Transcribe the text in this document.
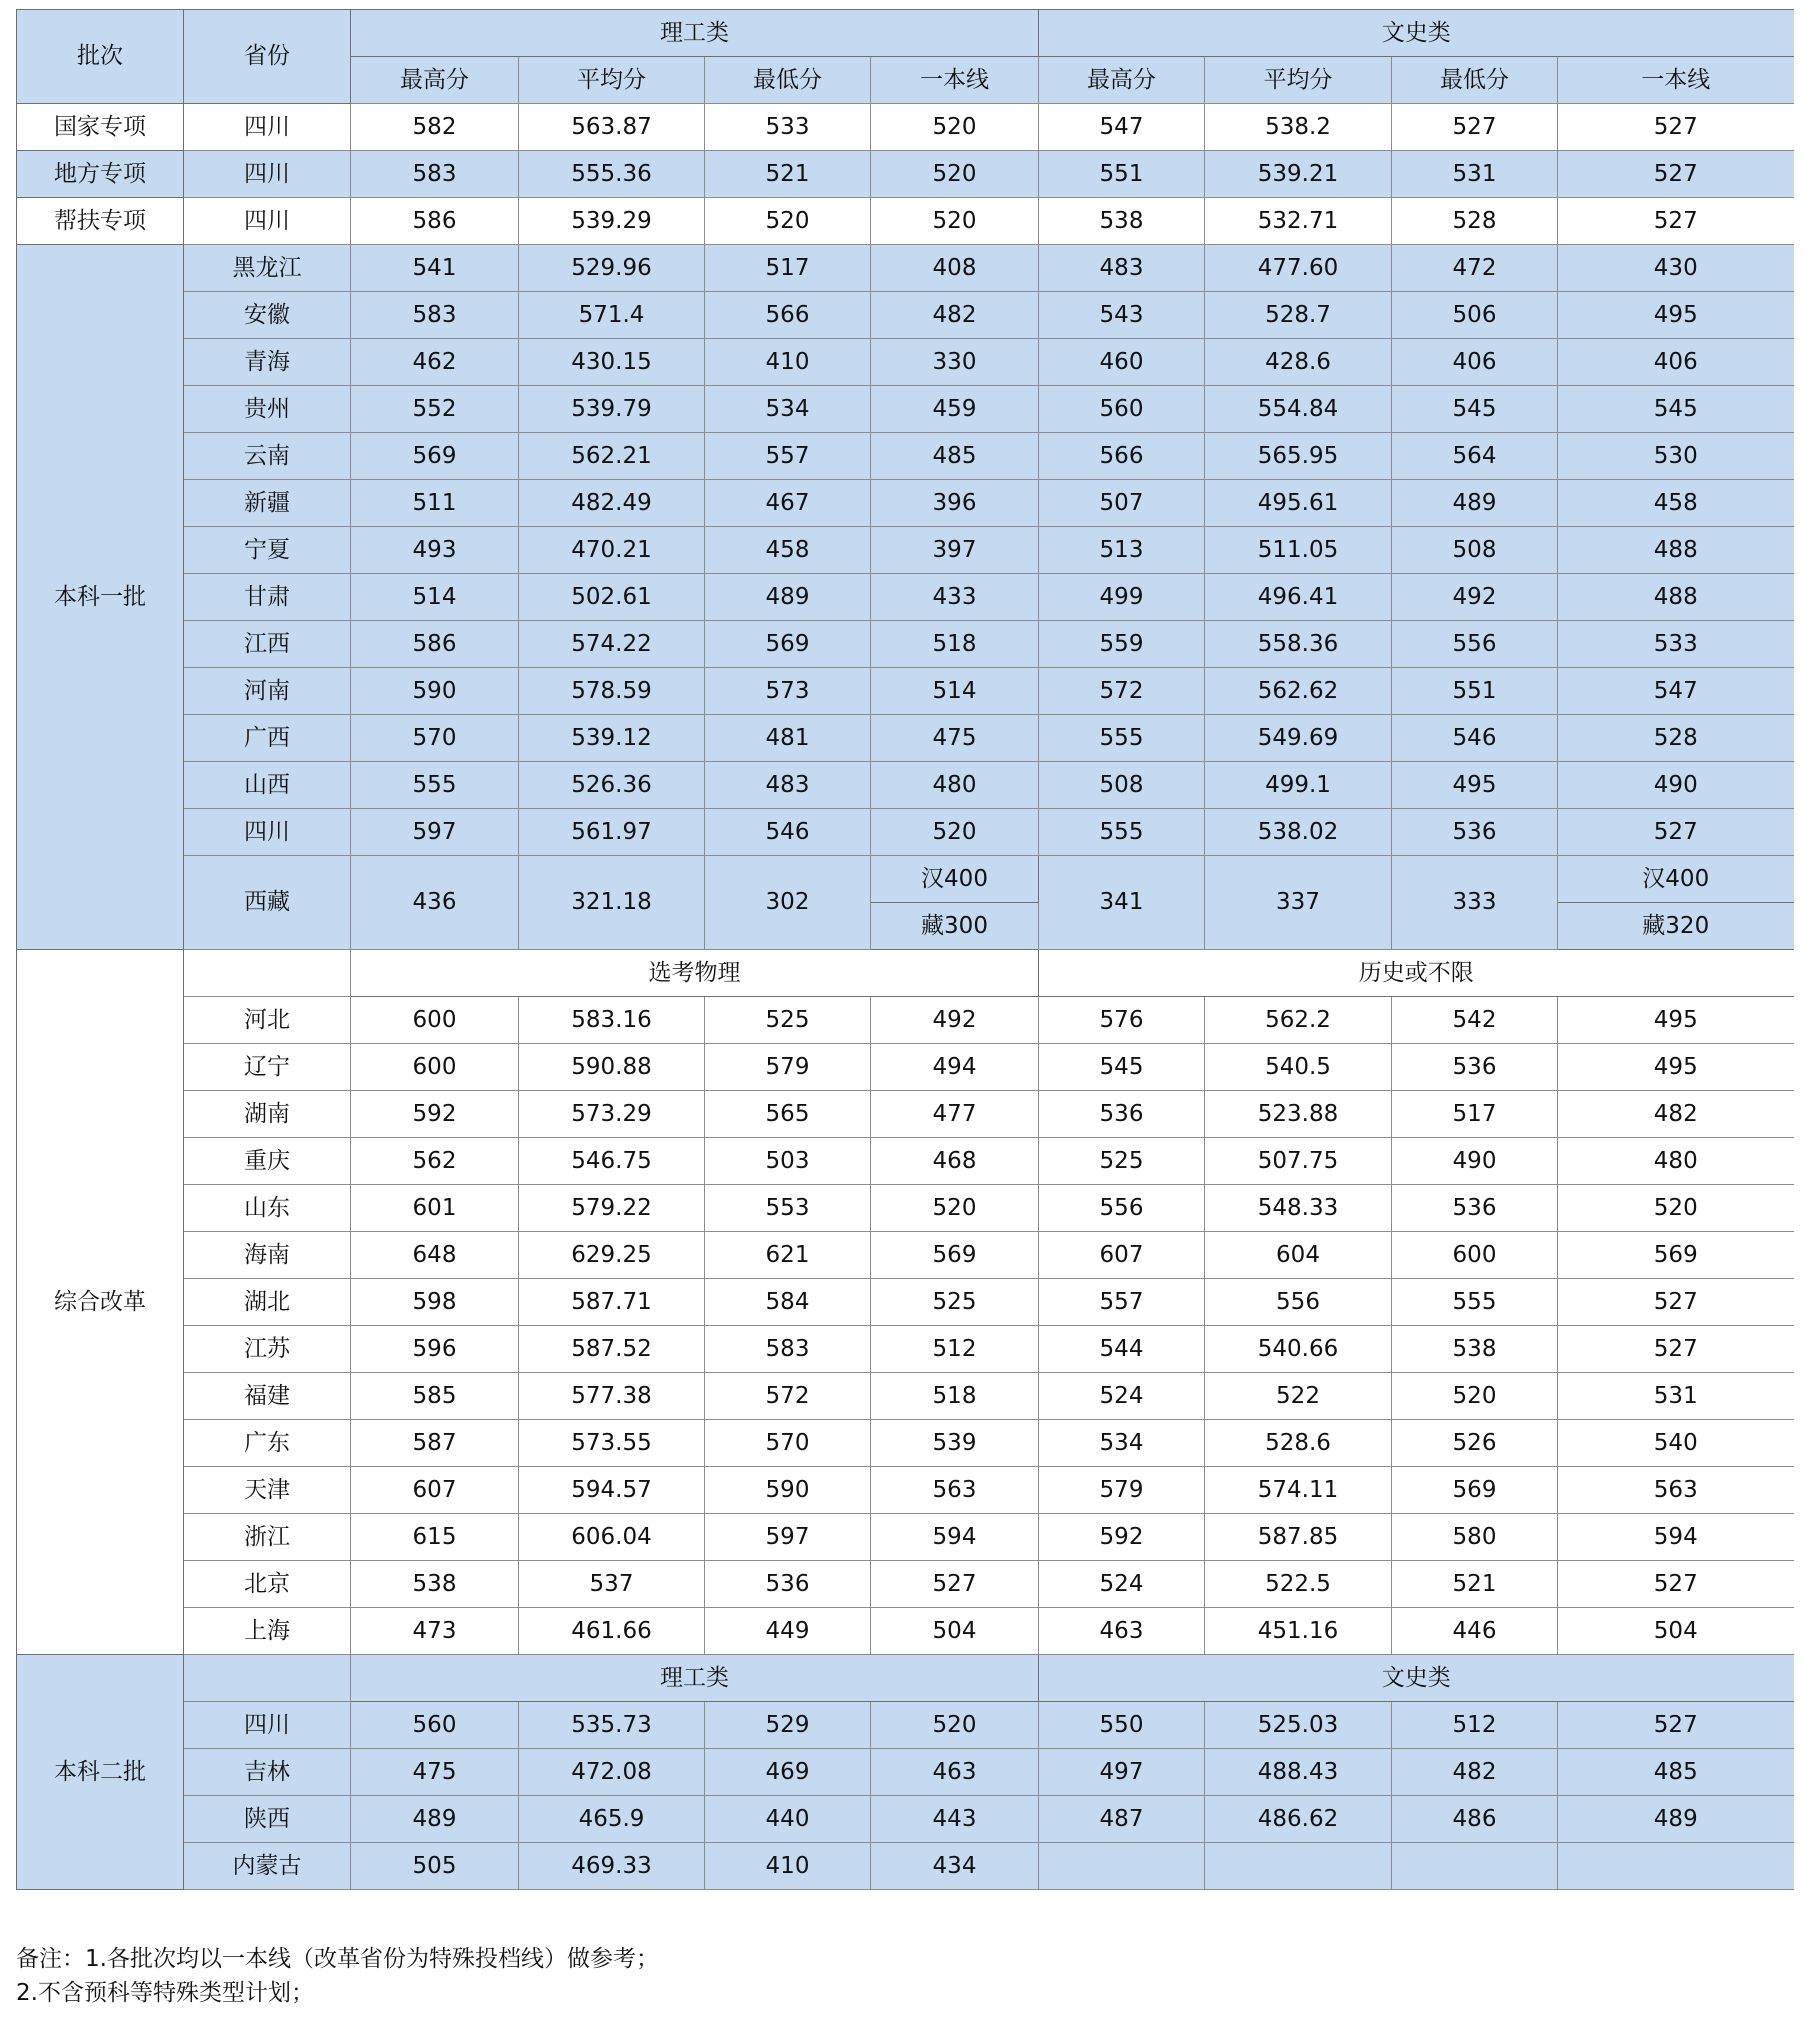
批次	省份	理工类				文史类			
		最高分	平均分	最低分	一本线	最高分	平均分	最低分	一本线
国家专项	四川	582	563.87	533	520	547	538.2	527	527
地方专项	四川	583	555.36	521	520	551	539.21	531	527
帮扶专项	四川	586	539.29	520	520	538	532.71	528	527
本科一批	黑龙江	541	529.96	517	408	483	477.60	472	430
	安徽	583	571.4	566	482	543	528.7	506	495
	青海	462	430.15	410	330	460	428.6	406	406
	贵州	552	539.79	534	459	560	554.84	545	545
	云南	569	562.21	557	485	566	565.95	564	530
	新疆	511	482.49	467	396	507	495.61	489	458
	宁夏	493	470.21	458	397	513	511.05	508	488
	甘肃	514	502.61	489	433	499	496.41	492	488
	江西	586	574.22	569	518	559	558.36	556	533
	河南	590	578.59	573	514	572	562.62	551	547
	广西	570	539.12	481	475	555	549.69	546	528
	山西	555	526.36	483	480	508	499.1	495	490
	四川	597	561.97	546	520	555	538.02	536	527
	西藏	436	321.18	302	汉400	341	337	333	汉400
					藏300				藏320
综合改革		选考物理				历史或不限			
	河北	600	583.16	525	492	576	562.2	542	495
	辽宁	600	590.88	579	494	545	540.5	536	495
	湖南	592	573.29	565	477	536	523.88	517	482
	重庆	562	546.75	503	468	525	507.75	490	480
	山东	601	579.22	553	520	556	548.33	536	520
	海南	648	629.25	621	569	607	604	600	569
	湖北	598	587.71	584	525	557	556	555	527
	江苏	596	587.52	583	512	544	540.66	538	527
	福建	585	577.38	572	518	524	522	520	531
	广东	587	573.55	570	539	534	528.6	526	540
	天津	607	594.57	590	563	579	574.11	569	563
	浙江	615	606.04	597	594	592	587.85	580	594
	北京	538	537	536	527	524	522.5	521	527
	上海	473	461.66	449	504	463	451.16	446	504
本科二批		理工类				文史类			
	四川	560	535.73	529	520	550	525.03	512	527
	吉林	475	472.08	469	463	497	488.43	482	485
	陕西	489	465.9	440	443	487	486.62	486	489
	内蒙古	505	469.33	410	434				
备注：1.各批次均以一本线（改革省份为特殊投档线）做参考；
2.不含预科等特殊类型计划；
